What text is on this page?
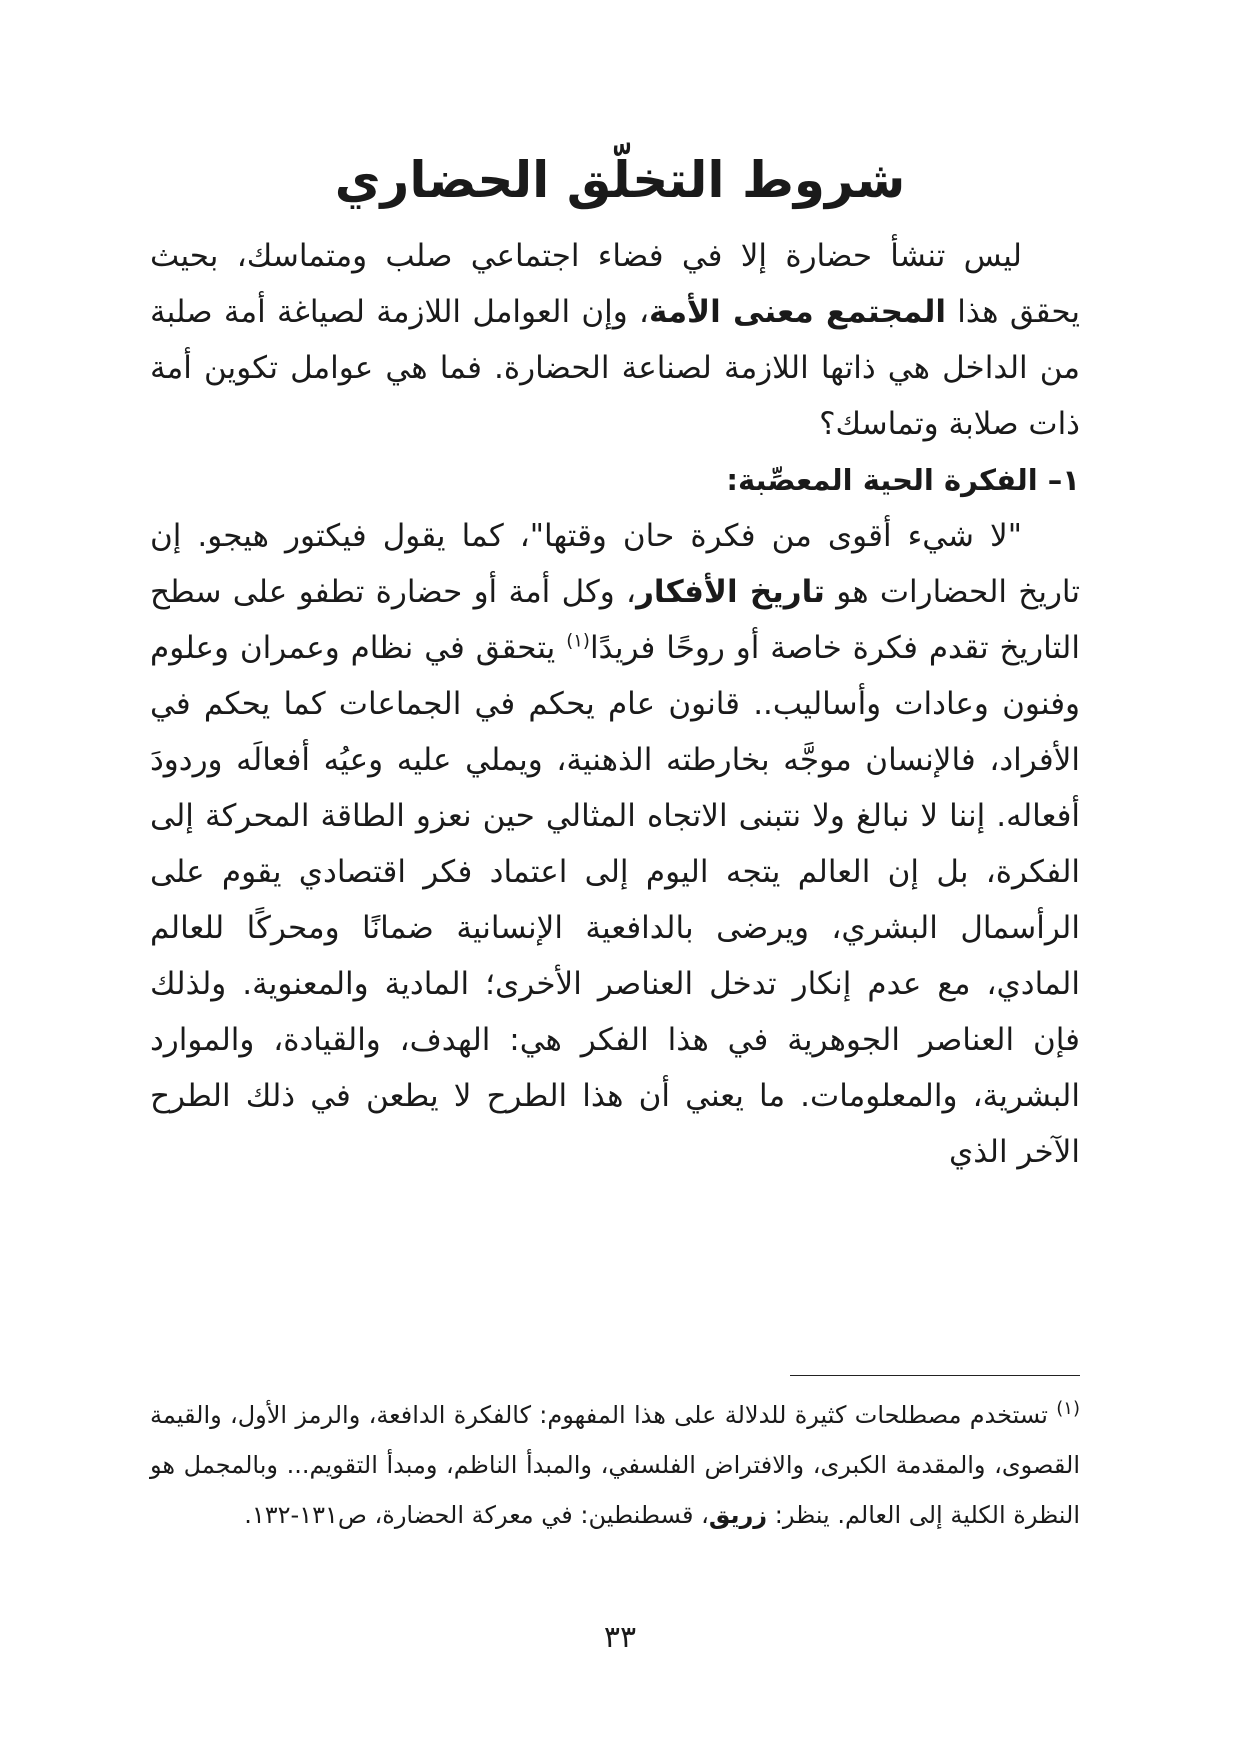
شروط التخلّق الحضاري

ليس تنشأ حضارة إلا في فضاء اجتماعي صلب ومتماسك، بحيث يحقق هذا المجتمع معنى الأمة، وإن العوامل اللازمة لصياغة أمة صلبة من الداخل هي ذاتها اللازمة لصناعة الحضارة. فما هي عوامل تكوين أمة ذات صلابة وتماسك؟

١– الفكرة الحية المعصِّبة:

"لا شيء أقوى من فكرة حان وقتها"، كما يقول فيكتور هيجو. إن تاريخ الحضارات هو تاريخ الأفكار، وكل أمة أو حضارة تطفو على سطح التاريخ تقدم فكرة خاصة أو روحًا فريدًا$^{(١)}$ يتحقق في نظام وعمران وعلوم وفنون وعادات وأساليب.. قانون عام يحكم في الجماعات كما يحكم في الأفراد، فالإنسان موجَّه بخارطته الذهنية، ويملي عليه وعيُه أفعالَه وردودَ أفعاله. إننا لا نبالغ ولا نتبنى الاتجاه المثالي حين نعزو الطاقة المحركة إلى الفكرة، بل إن العالم يتجه اليوم إلى اعتماد فكر اقتصادي يقوم على الرأسمال البشري، ويرضى بالدافعية الإنسانية ضمانًا ومحركًا للعالم المادي، مع عدم إنكار تدخل العناصر الأخرى؛ المادية والمعنوية. ولذلك فإن العناصر الجوهرية في هذا الفكر هي: الهدف، والقيادة، والموارد البشرية، والمعلومات. ما يعني أن هذا الطرح لا يطعن في ذلك الطرح الآخر الذي

$^{(١)}$ تستخدم مصطلحات كثيرة للدلالة على هذا المفهوم: كالفكرة الدافعة، والرمز الأول، والقيمة القصوى، والمقدمة الكبرى، والافتراض الفلسفي، والمبدأ الناظم، ومبدأ التقويم... وبالمجمل هو النظرة الكلية إلى العالم. ينظر: زريق، قسطنطين: في معركة الحضارة، ص١٣١-١٣٢.

٣٣
